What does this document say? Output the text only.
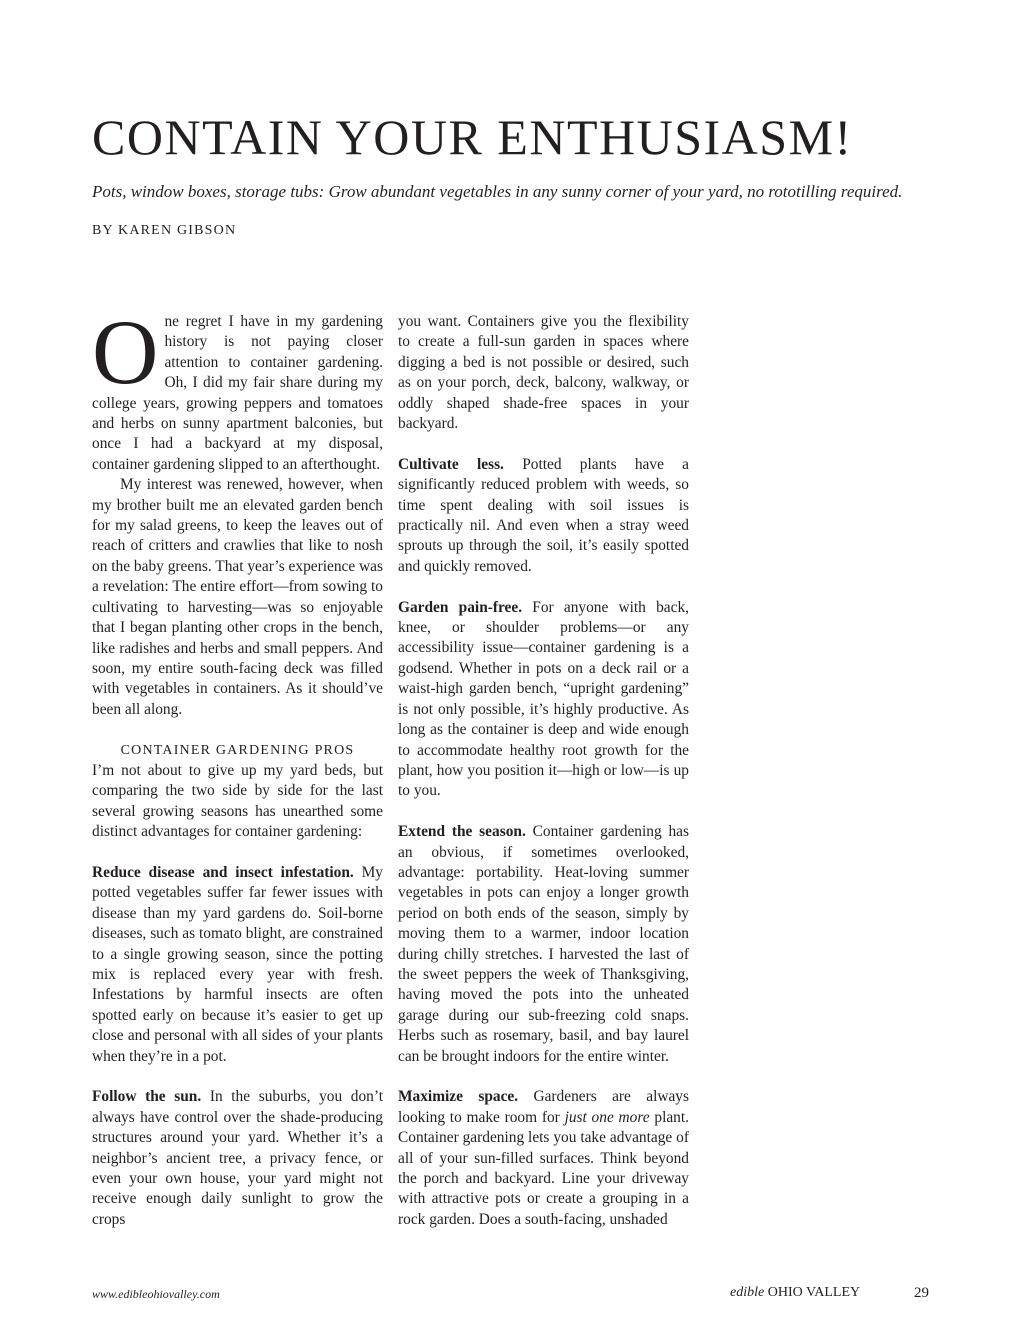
CONTAIN YOUR ENTHUSIASM!

Pots, window boxes, storage tubs: Grow abundant vegetables in any sunny corner of your yard, no rototilling required.

BY KAREN GIBSON

One regret I have in my gardening history is not paying closer attention to container gardening. Oh, I did my fair share during my college years, growing peppers and tomatoes and herbs on sunny apartment balconies, but once I had a backyard at my disposal, container gardening slipped to an afterthought.

My interest was renewed, however, when my brother built me an elevated garden bench for my salad greens, to keep the leaves out of reach of critters and crawlies that like to nosh on the baby greens. That year’s experience was a revelation: The entire effort—from sowing to cultivating to harvesting—was so enjoyable that I began planting other crops in the bench, like radishes and herbs and small peppers. And soon, my entire south-facing deck was filled with vegetables in containers. As it should’ve been all along.

CONTAINER GARDENING PROS

I’m not about to give up my yard beds, but comparing the two side by side for the last several growing seasons has unearthed some distinct advantages for container gardening:

Reduce disease and insect infestation. My potted vegetables suffer far fewer issues with disease than my yard gardens do. Soil-borne diseases, such as tomato blight, are constrained to a single growing season, since the potting mix is replaced every year with fresh. Infestations by harmful insects are often spotted early on because it’s easier to get up close and personal with all sides of your plants when they’re in a pot.

Follow the sun. In the suburbs, you don’t always have control over the shade-producing structures around your yard. Whether it’s a neighbor’s ancient tree, a privacy fence, or even your own house, your yard might not receive enough daily sunlight to grow the crops

you want. Containers give you the flexibility to create a full-sun garden in spaces where digging a bed is not possible or desired, such as on your porch, deck, balcony, walkway, or oddly shaped shade-free spaces in your backyard.

Cultivate less. Potted plants have a significantly reduced problem with weeds, so time spent dealing with soil issues is practically nil. And even when a stray weed sprouts up through the soil, it’s easily spotted and quickly removed.

Garden pain-free. For anyone with back, knee, or shoulder problems—or any accessibility issue—container gardening is a godsend. Whether in pots on a deck rail or a waist-high garden bench, “upright gardening” is not only possible, it’s highly productive. As long as the container is deep and wide enough to accommodate healthy root growth for the plant, how you position it—high or low—is up to you.

Extend the season. Container gardening has an obvious, if sometimes overlooked, advantage: portability. Heat-loving summer vegetables in pots can enjoy a longer growth period on both ends of the season, simply by moving them to a warmer, indoor location during chilly stretches. I harvested the last of the sweet peppers the week of Thanksgiving, having moved the pots into the unheated garage during our sub-freezing cold snaps. Herbs such as rosemary, basil, and bay laurel can be brought indoors for the entire winter.

Maximize space. Gardeners are always looking to make room for just one more plant. Container gardening lets you take advantage of all of your sun-filled surfaces. Think beyond the porch and backyard. Line your driveway with attractive pots or create a grouping in a rock garden. Does a south-facing, unshaded

www.edibleohiovalley.com	edible OHIO VALLEY	29
